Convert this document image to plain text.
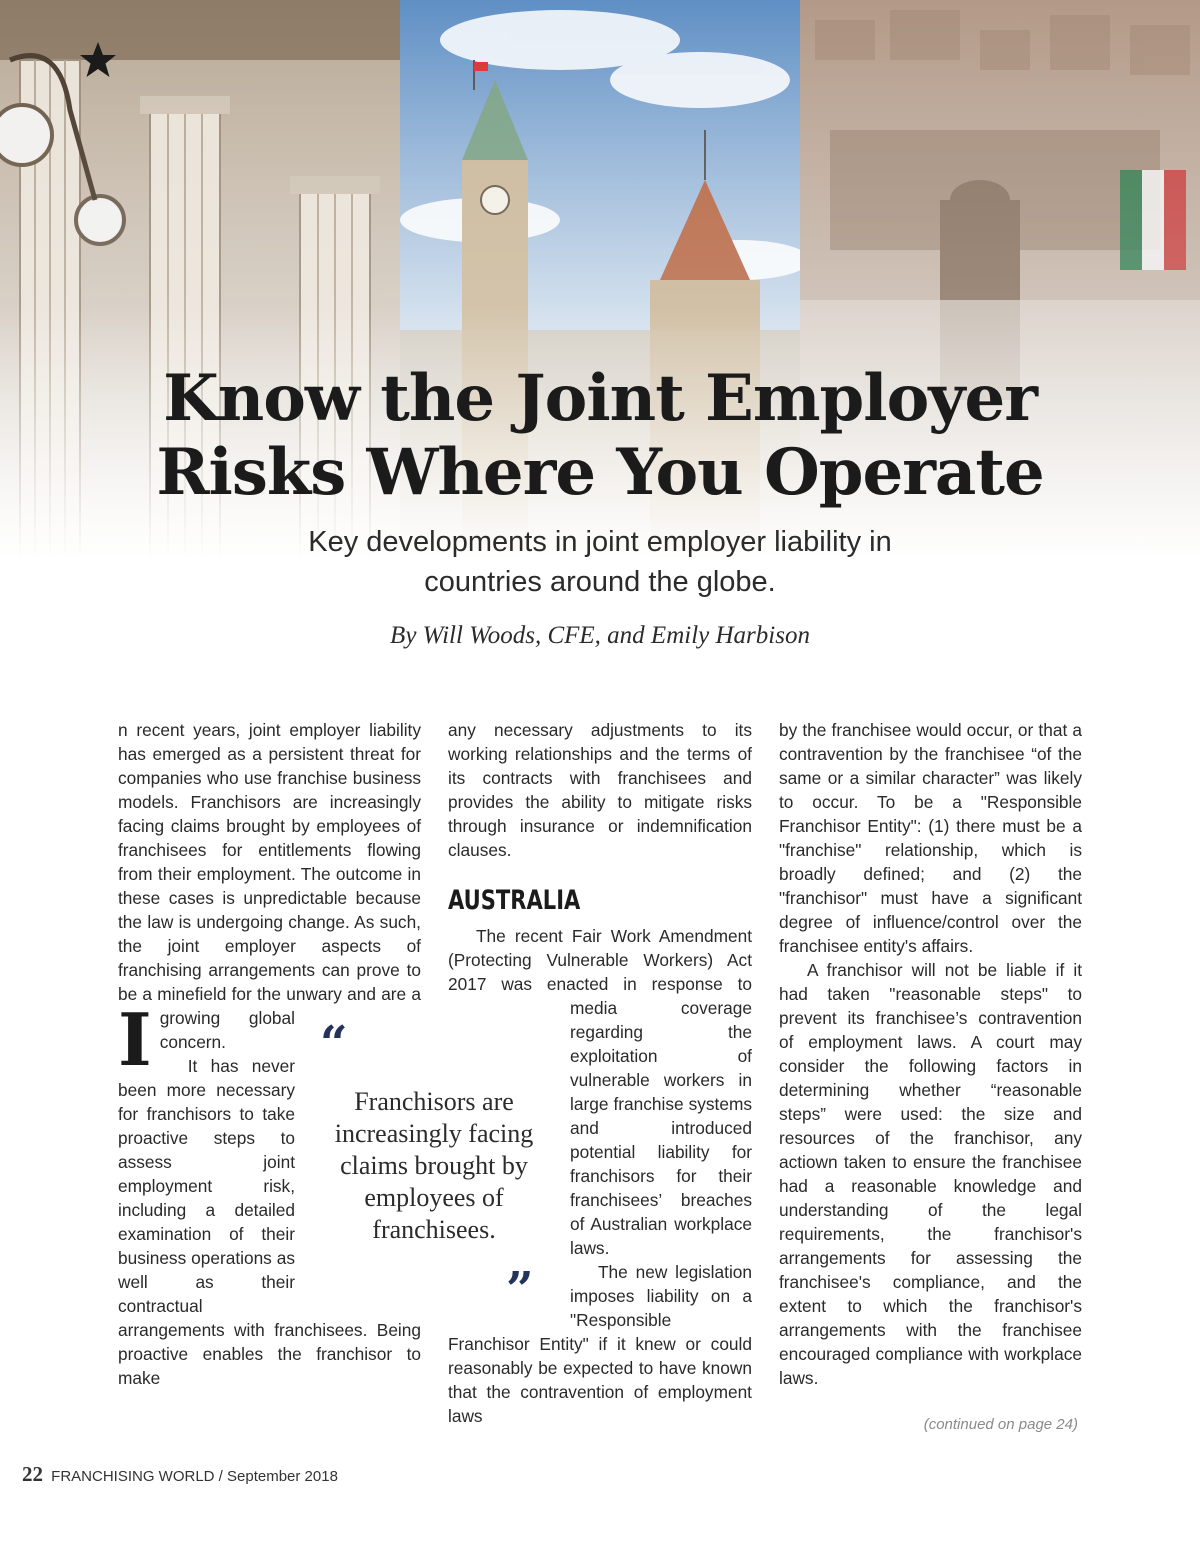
Know the Joint Employer
Risks Where You Operate

Key developments in joint employer liability in
countries around the globe.

By Will Woods, CFE, and Emily Harbison

I
n recent years, joint employer liability has emerged as a persistent threat for companies who use franchise business models. Franchisors are increasingly facing claims brought by employees of franchisees for entitlements flowing from their employment. The outcome in these cases is unpredictable because the law is undergoing change. As such, the joint employer aspects of franchising arrangements can prove to be a minefield for the unwary and are a growing global concern.

It has never been more necessary for franchisors to take proactive steps to assess joint employment risk, including a detailed examination of their business operations as well as their contractual arrangements with franchisees. Being proactive enables the franchisor to make

any necessary adjustments to its working relationships and the terms of its contracts with franchisees and provides the ability to mitigate risks through insurance or indemnification clauses.

AUSTRALIA

The recent Fair Work Amendment (Protecting Vulnerable Workers) Act 2017 was enacted in response to media coverage regarding the exploitation of vulnerable workers in large franchise systems and introduced potential liability for franchisors for their franchisees’ breaches of Australian workplace laws.

The new legislation imposes liability on a "Responsible Franchisor Entity" if it knew or could reasonably be expected to have known that the contravention of employment laws

by the franchisee would occur, or that a contravention by the franchisee “of the same or a similar character” was likely to occur. To be a "Responsible Franchisor Entity": (1) there must be a "franchise" relationship, which is broadly defined; and (2) the "franchisor" must have a significant degree of influence/control over the franchisee entity's affairs.

A franchisor will not be liable if it had taken "reasonable steps" to prevent its franchisee’s contravention of employment laws. A court may consider the following factors in determining whether “reasonable steps” were used: the size and resources of the franchisor, any actiown taken to ensure the franchisee had a reasonable knowledge and understanding of the legal requirements, the franchisor's arrangements for assessing the franchisee's compliance, and the extent to which the franchisor's arrangements with the franchisee encouraged compliance with workplace laws.

“
Franchisors are increasingly facing claims brought by employees of franchisees.
”
(continued on page 24)
22 FRANCHISING WORLD / September 2018
